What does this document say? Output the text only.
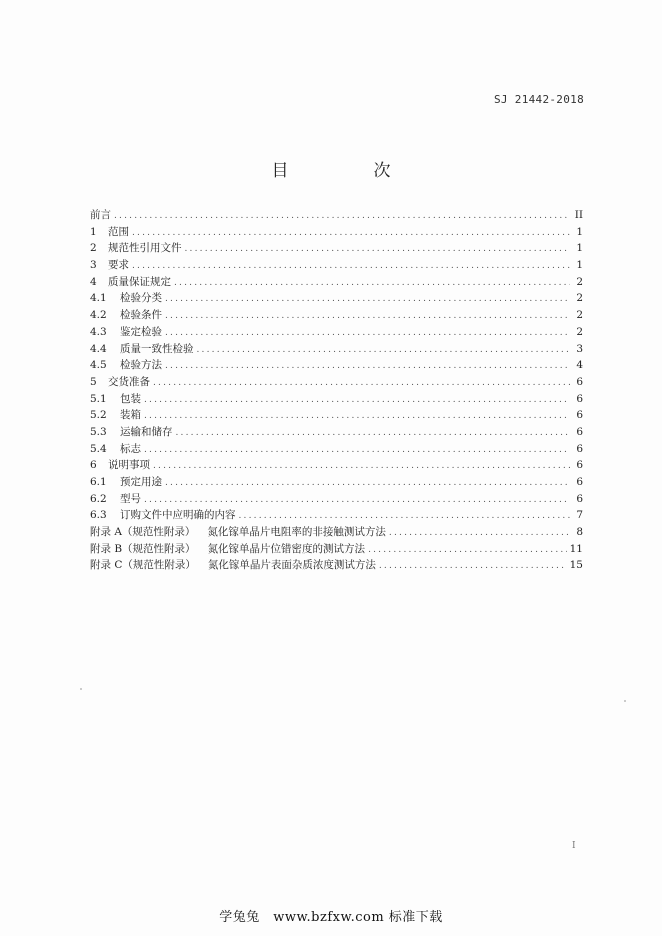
SJ 21442-2018
目　次
前言 .....	II
1	范围 .....	1
2	规范性引用文件 .....	1
3	要求 .....	1
4	质量保证规定 .....	2
4.1	检验分类 .....	2
4.2	检验条件 .....	2
4.3	鉴定检验 .....	2
4.4	质量一致性检验 .....	3
4.5	检验方法 .....	4
5	交货准备 .....	6
5.1	包装 .....	6
5.2	装箱 .....	6
5.3	运输和储存 .....	6
5.4	标志 .....	6
6	说明事项 .....	6
6.1	预定用途 .....	6
6.2	型号 .....	6
6.3	订购文件中应明确的内容 .....	7
附录 A（规范性附录）	氮化镓单晶片电阻率的非接触测试方法 .....	8
附录 B（规范性附录）	氮化镓单晶片位错密度的测试方法 .....	11
附录 C（规范性附录）	氮化镓单晶片表面杂质浓度测试方法 .....	15
I
学兔兔　www.bzfxw.com 标准下载
